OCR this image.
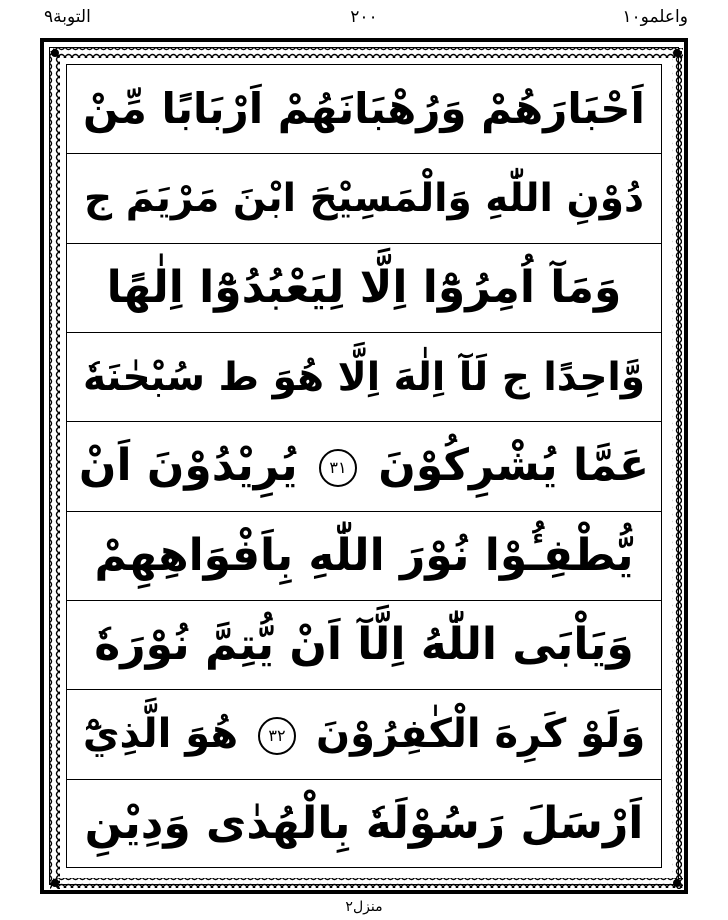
التوبة٩	٢٠٠	واعلمو١٠
اَحْبَارَهُمْ وَرُهْبَانَهُمْ اَرْبَابًا مِّنْ
دُوْنِ اللّٰهِ وَالْمَسِيْحَ ابْنَ مَرْيَمَ ج
وَمَآ اُمِرُوْٓا اِلَّا لِيَعْبُدُوْٓا اِلٰهًا
وَّاحِدًا ج لَآ اِلٰهَ اِلَّا هُوَ ط سُبْحٰنَهٗ
عَمَّا يُشْرِكُوْنَ ٣١ يُرِيْدُوْنَ اَنْ
يُّطْفِـُٔوْا نُوْرَ اللّٰهِ بِاَفْوَاهِهِمْ
وَيَاْبَى اللّٰهُ اِلَّآ اَنْ يُّتِمَّ نُوْرَهٗ
وَلَوْ كَرِهَ الْكٰفِرُوْنَ ٣٢ هُوَ الَّذِيْٓ
اَرْسَلَ رَسُوْلَهٗ بِالْهُدٰى وَدِيْنِ
منزل٢
